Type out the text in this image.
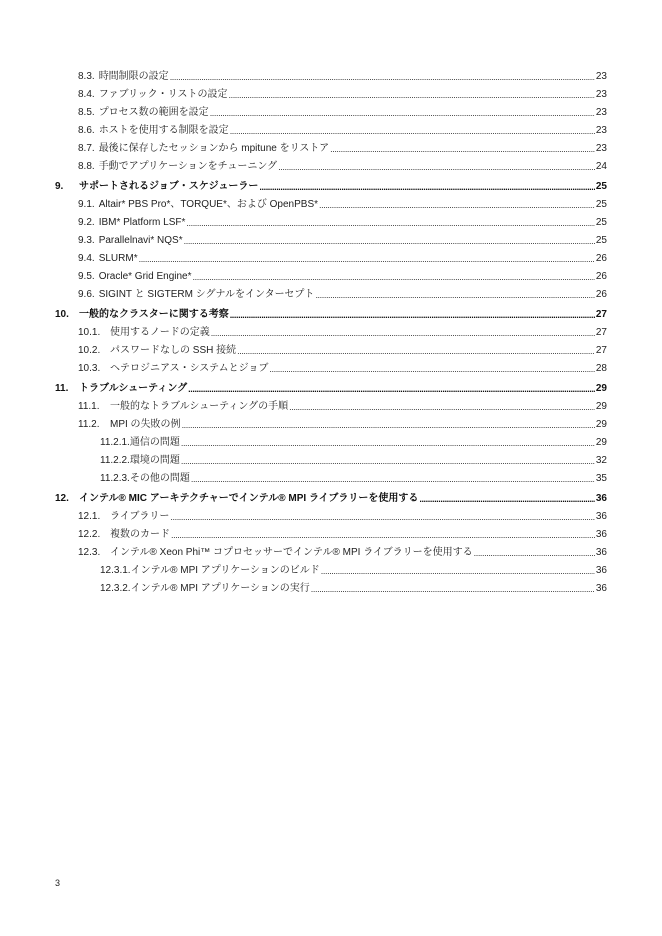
8.3. 時間制限の設定 .....	23
8.4. ファブリック・リストの設定 .....	23
8.5. プロセス数の範囲を設定 .....	23
8.6. ホストを使用する制限を設定 .....	23
8.7. 最後に保存したセッションから mpitune をリストア .....	23
8.8. 手動でアプリケーションをチューニング .....	24
9.	サポートされるジョブ・スケジューラー .....	25
9.1. Altair* PBS Pro*、TORQUE*、および OpenPBS* .....	25
9.2. IBM* Platform LSF* .....	25
9.3. Parallelnavi* NQS* .....	25
9.4. SLURM* .....	26
9.5. Oracle* Grid Engine* .....	26
9.6. SIGINT と SIGTERM シグナルをインターセプト .....	26
10.	一般的なクラスターに関する考察 .....	27
10.1. 使用するノードの定義 .....	27
10.2. パスワードなしの SSH 接続 .....	27
10.3. ヘテロジニアス・システムとジョブ .....	28
11.	トラブルシューティング .....	29
11.1.	一般的なトラブルシューティングの手順 .....	29
11.2.	MPI の失敗の例 .....	29
11.2.1. 通信の問題 .....	29
11.2.2. 環境の問題 .....	32
11.2.3. その他の問題 .....	35
12.	インテル® MIC アーキテクチャーでインテル® MPI ライブラリーを使用する .....	36
12.1. ライブラリー .....	36
12.2. 複数のカード .....	36
12.3. インテル® Xeon Phi™ コプロセッサーでインテル® MPI ライブラリーを使用する .....	36
12.3.1. インテル® MPI アプリケーションのビルド .....	36
12.3.2. インテル® MPI アプリケーションの実行 .....	36
3
